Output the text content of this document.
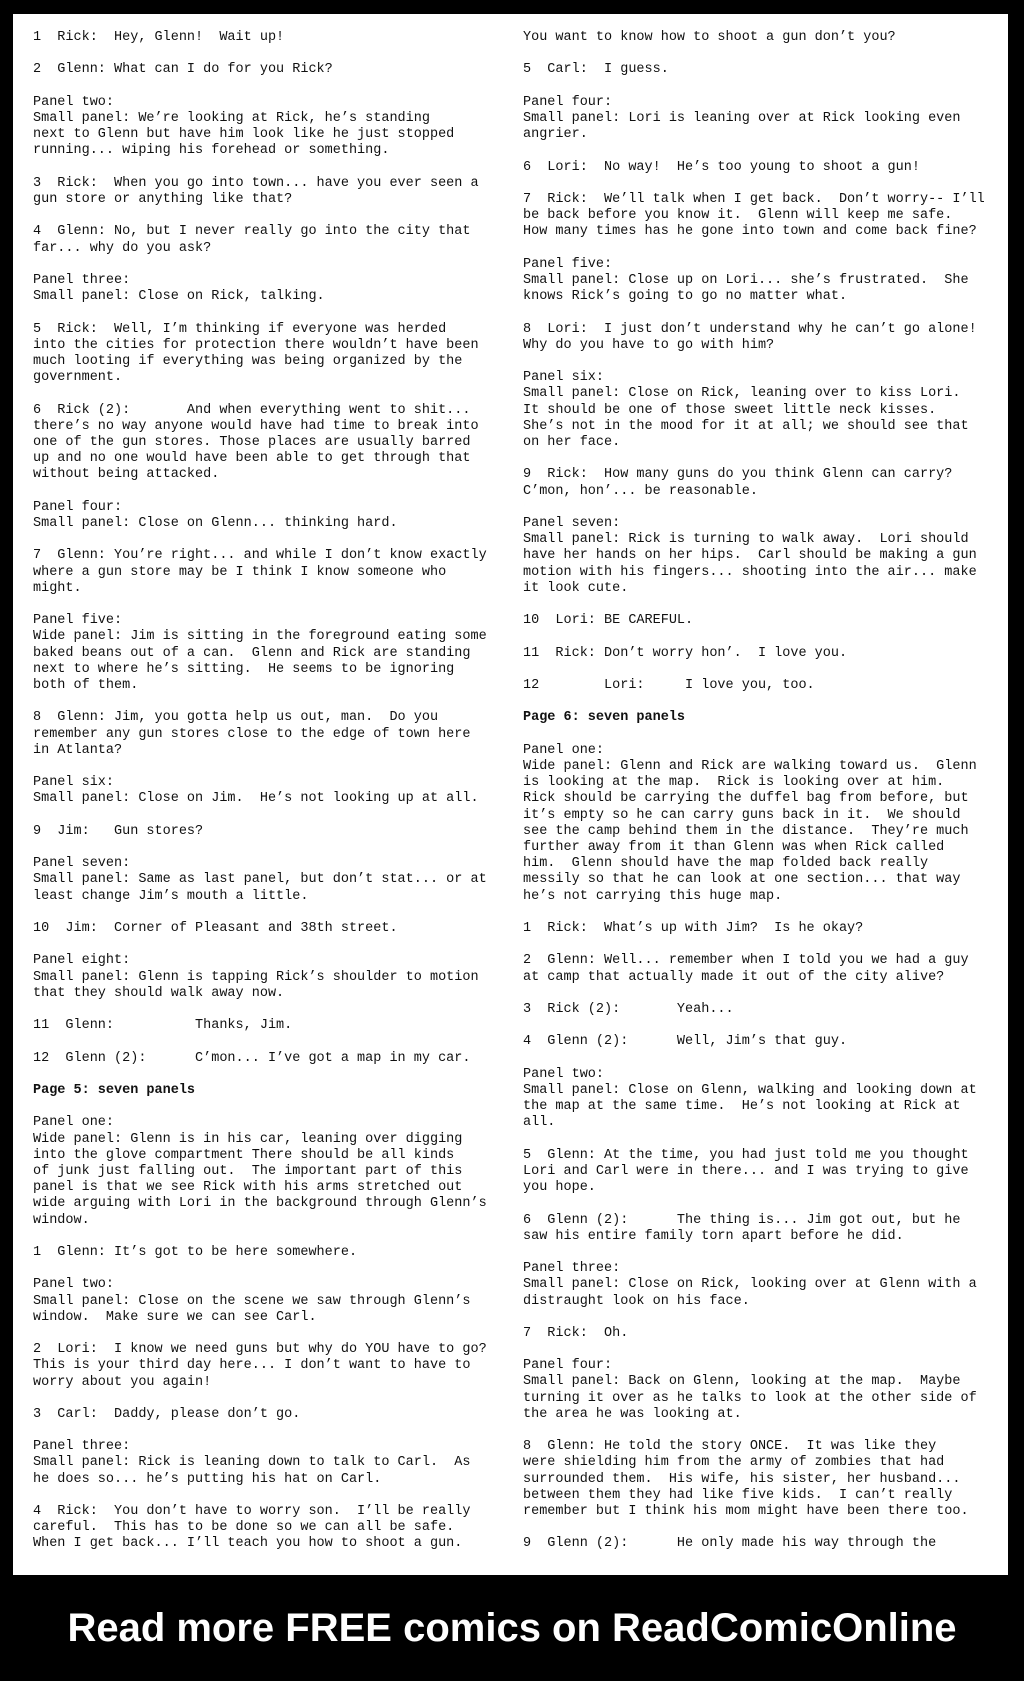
1  Rick:  Hey, Glenn!  Wait up!
2  Glenn: What can I do for you Rick?
Panel two:
Small panel: We’re looking at Rick, he’s standing
next to Glenn but have him look like he just stopped
running... wiping his forehead or something.
3  Rick:  When you go into town... have you ever seen a
gun store or anything like that?
4  Glenn: No, but I never really go into the city that
far... why do you ask?
Panel three:
Small panel: Close on Rick, talking.
5  Rick:  Well, I’m thinking if everyone was herded
into the cities for protection there wouldn’t have been
much looting if everything was being organized by the
government.
6  Rick (2):       And when everything went to shit...
there’s no way anyone would have had time to break into
one of the gun stores. Those places are usually barred
up and no one would have been able to get through that
without being attacked.
Panel four:
Small panel: Close on Glenn... thinking hard.
7  Glenn: You’re right... and while I don’t know exactly
where a gun store may be I think I know someone who
might.
Panel five:
Wide panel: Jim is sitting in the foreground eating some
baked beans out of a can.  Glenn and Rick are standing
next to where he’s sitting.  He seems to be ignoring
both of them.
8  Glenn: Jim, you gotta help us out, man.  Do you
remember any gun stores close to the edge of town here
in Atlanta?
Panel six:
Small panel: Close on Jim.  He’s not looking up at all.
9  Jim:   Gun stores?
Panel seven:
Small panel: Same as last panel, but don’t stat... or at
least change Jim’s mouth a little.
10  Jim:  Corner of Pleasant and 38th street.
Panel eight:
Small panel: Glenn is tapping Rick’s shoulder to motion
that they should walk away now.
11  Glenn:          Thanks, Jim.
12  Glenn (2):      C’mon... I’ve got a map in my car.
Page 5: seven panels
Panel one:
Wide panel: Glenn is in his car, leaning over digging
into the glove compartment There should be all kinds
of junk just falling out.  The important part of this
panel is that we see Rick with his arms stretched out
wide arguing with Lori in the background through Glenn’s
window.
1  Glenn: It’s got to be here somewhere.
Panel two:
Small panel: Close on the scene we saw through Glenn’s
window.  Make sure we can see Carl.
2  Lori:  I know we need guns but why do YOU have to go?
This is your third day here... I don’t want to have to
worry about you again!
3  Carl:  Daddy, please don’t go.
Panel three:
Small panel: Rick is leaning down to talk to Carl.  As
he does so... he’s putting his hat on Carl.
4  Rick:  You don’t have to worry son.  I’ll be really
careful.  This has to be done so we can all be safe.
When I get back... I’ll teach you how to shoot a gun.
You want to know how to shoot a gun don’t you?
5  Carl:  I guess.
Panel four:
Small panel: Lori is leaning over at Rick looking even
angrier.
6  Lori:  No way!  He’s too young to shoot a gun!
7  Rick:  We’ll talk when I get back.  Don’t worry-- I’ll
be back before you know it.  Glenn will keep me safe.
How many times has he gone into town and come back fine?
Panel five:
Small panel: Close up on Lori... she’s frustrated.  She
knows Rick’s going to go no matter what.
8  Lori:  I just don’t understand why he can’t go alone!
Why do you have to go with him?
Panel six:
Small panel: Close on Rick, leaning over to kiss Lori.
It should be one of those sweet little neck kisses.
She’s not in the mood for it at all; we should see that
on her face.
9  Rick:  How many guns do you think Glenn can carry?
C’mon, hon’... be reasonable.
Panel seven:
Small panel: Rick is turning to walk away.  Lori should
have her hands on her hips.  Carl should be making a gun
motion with his fingers... shooting into the air... make
it look cute.
10  Lori: BE CAREFUL.
11  Rick: Don’t worry hon’.  I love you.
12        Lori:     I love you, too.
Page 6: seven panels
Panel one:
Wide panel: Glenn and Rick are walking toward us.  Glenn
is looking at the map.  Rick is looking over at him.
Rick should be carrying the duffel bag from before, but
it’s empty so he can carry guns back in it.  We should
see the camp behind them in the distance.  They’re much
further away from it than Glenn was when Rick called
him.  Glenn should have the map folded back really
messily so that he can look at one section... that way
he’s not carrying this huge map.
1  Rick:  What’s up with Jim?  Is he okay?
2  Glenn: Well... remember when I told you we had a guy
at camp that actually made it out of the city alive?
3  Rick (2):       Yeah...
4  Glenn (2):      Well, Jim’s that guy.
Panel two:
Small panel: Close on Glenn, walking and looking down at
the map at the same time.  He’s not looking at Rick at
all.
5  Glenn: At the time, you had just told me you thought
Lori and Carl were in there... and I was trying to give
you hope.
6  Glenn (2):      The thing is... Jim got out, but he
saw his entire family torn apart before he did.
Panel three:
Small panel: Close on Rick, looking over at Glenn with a
distraught look on his face.
7  Rick:  Oh.
Panel four:
Small panel: Back on Glenn, looking at the map.  Maybe
turning it over as he talks to look at the other side of
the area he was looking at.
8  Glenn: He told the story ONCE.  It was like they
were shielding him from the army of zombies that had
surrounded them.  His wife, his sister, her husband...
between them they had like five kids.  I can’t really
remember but I think his mom might have been there too.
9  Glenn (2):      He only made his way through the
Read more FREE comics on ReadComicOnline
